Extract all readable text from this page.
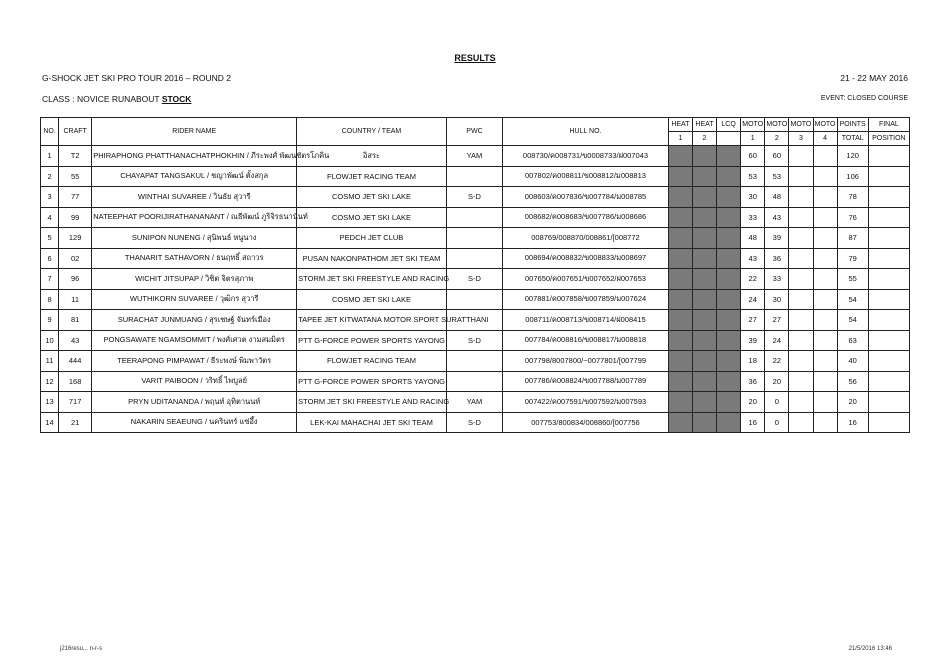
RESULTS
G-SHOCK JET SKI PRO TOUR 2016 – ROUND 2	21 - 22 MAY 2016
CLASS : NOVICE RUNABOUT STOCK	EVENT: CLOSED COURSE
NO.	CRAFT	RIDER NAME	COUNTRY / TEAM	PWC	HULL NO.	HEAT	HEAT	LCQ	MOTO	MOTO	MOTO	MOTO	POINTS	FINAL
						1	2		1	2	3	4	TOTAL	POSITION
1	T2	PHIRAPHONG PHATTHANACHATPHOKHIN / ภีระพงศ์ พัฒนชัตรโภคิน	อิสระ	YAM	008730/ค008731/ข0008733/ฝ007043				60	60			120	
2	55	CHAYAPAT TANGSAKUL / ชญาพัฒน์ ตั้งสกุล	FLOWJET RACING TEAM		007802/ค008811/ข008812/ม008813				53	53			106	
3	77	WINTHAI SUVAREE / วินธัย สุวารี	COSMO JET SKI LAKE	S-D	008603/ค007836/ข007784/ม008785				30	48			78	
4	99	NATEEPHAT POORIJIRATHANANANT / ณธีพัฒน์ ภูริจิรธนานันท์	COSMO JET SKI LAKE		008682/ค008683/ข007786/ม008686				33	43			76	
5	129	SUNIPON NUNENG / สุนิพนธ์ หนูนาง	PEDCH JET CLUB		008769/008870/008861/[008772				48	39			87	
6	02	THANARIT SATHAVORN / ธนฤทธิ์ สถาวร	PUSAN NAKONPATHOM JET SKI TEAM		008694/ค008832/ข008833/ม008697				43	36			79	
7	96	WICHIT JITSUPAP / วิชิต จิตรสุภาพ	STORM JET SKI FREESTYLE AND RACING	S-D	007650/ค007651/ข007652/ฝ007653				22	33			55	
8	11	WUTHIKORN SUVAREE / วุฒิกร สุวารี	COSMO JET SKI LAKE		007881/ค007858/ข007859/ม007624				24	30			54	
9	81	SURACHAT JUNMUANG / สุรเชษฐ์ จันทร์เมือง	TAPEE JET KITWATANA MOTOR SPORT SURATTHANI		008711/ค008713/ข008714/ฝ008415				27	27			54	
10	43	PONGSAWATE NGAMSOMMIT / พงศ์เศวต งามสมมิตร	PTT G-FORCE POWER SPORTS YAYONG	S-D	007784/ค008816/ข008817/ม008818				39	24			63	
11	444	TEERAPONG PIMPAWAT / ธีระพงษ์ พิมพาวัตร	FLOWJET RACING TEAM		007798/8007800/~0077801/[007799				18	22			40	
12	168	VARIT PAIBOON / วริทธิ์ ไพบูลย์	PTT G-FORCE POWER SPORTS YAYONG		007786/ค008824/ข007788/ม007789				36	20			56	
13	717	PRYN UDITANANDA / พฤนท์ อุทิตานนท์	STORM JET SKI FREESTYLE AND RACING	YAM	007422/ค007591/ข007592/ม007593				20	0			20	
14	21	NAKARIN SEAEUNG / นครินทร์ แซ่อึ้ง	LEK-KAI MAHACHAI JET SKI TEAM	S-D	007753/800834/008860/[007756				16	0			16	
j216resu... n-r-s	21/5/2016 13:46
